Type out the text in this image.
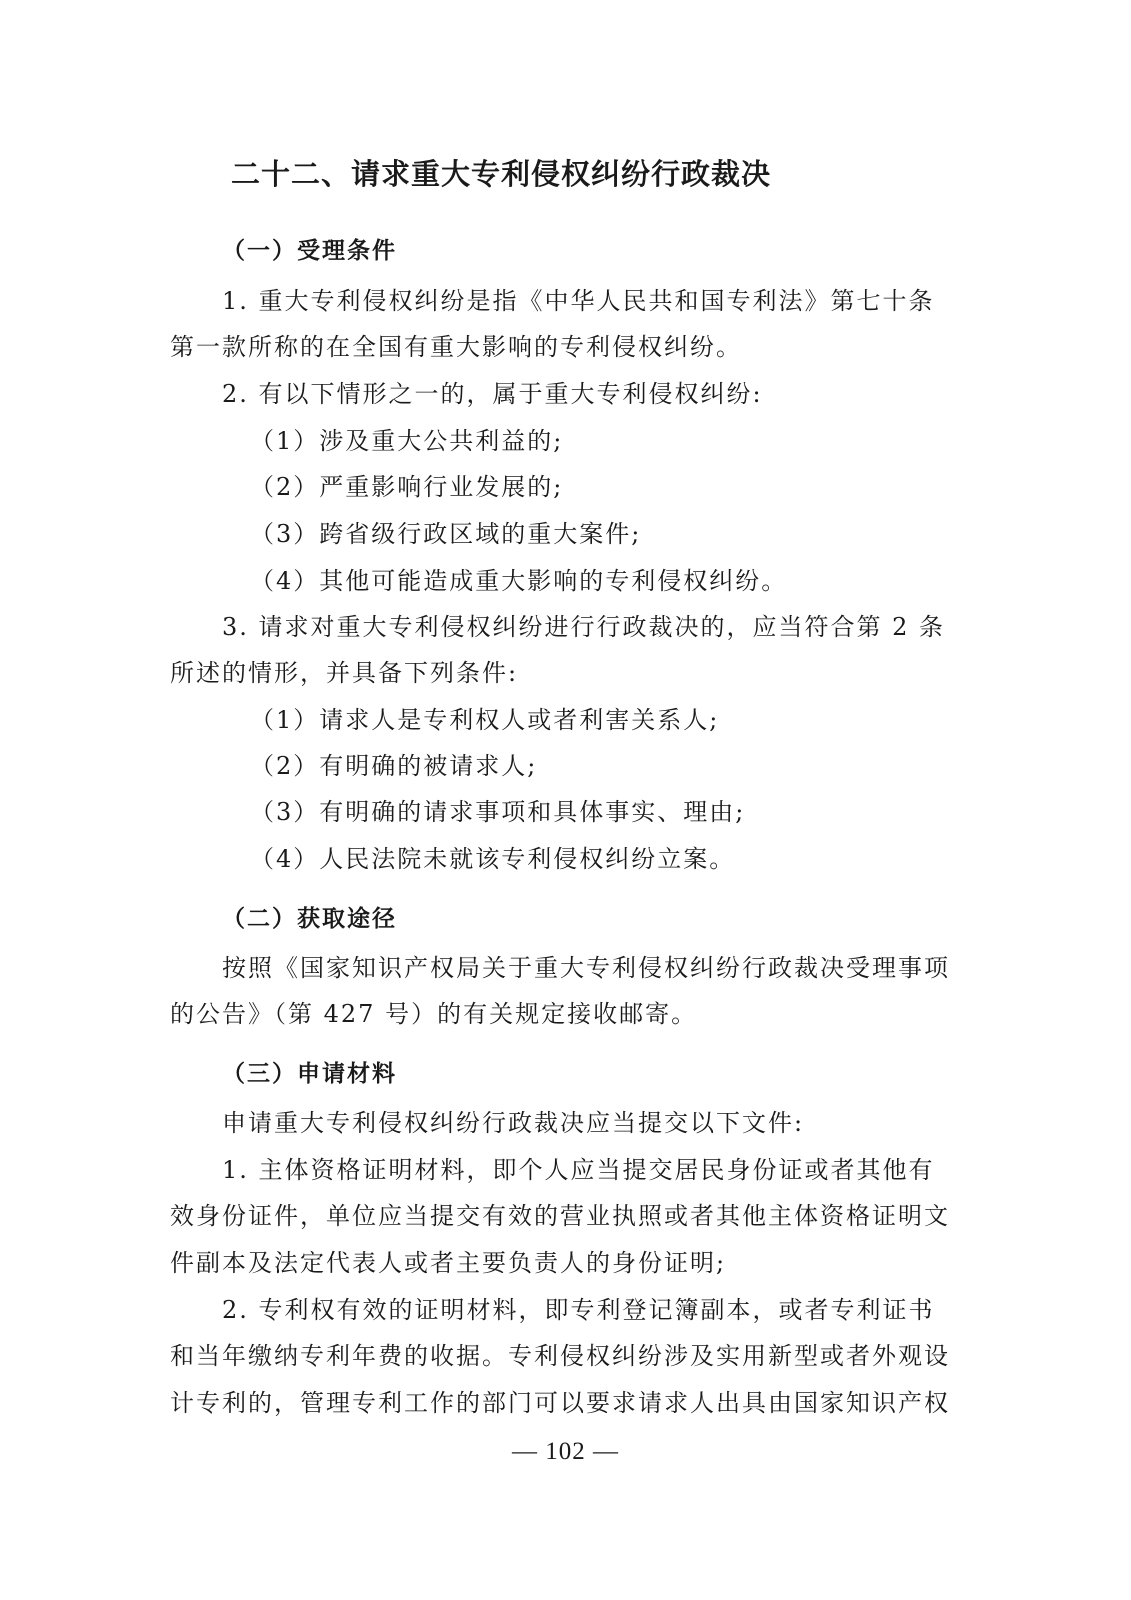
二十二、请求重大专利侵权纠纷行政裁决
（一）受理条件

1. 重大专利侵权纠纷是指《中华人民共和国专利法》第七十条

第一款所称的在全国有重大影响的专利侵权纠纷。

2. 有以下情形之一的，属于重大专利侵权纠纷:

（1）涉及重大公共利益的;

（2）严重影响行业发展的;

（3）跨省级行政区域的重大案件;

（4）其他可能造成重大影响的专利侵权纠纷。

3. 请求对重大专利侵权纠纷进行行政裁决的，应当符合第 2 条

所述的情形，并具备下列条件:

（1）请求人是专利权人或者利害关系人;

（2）有明确的被请求人;

（3）有明确的请求事项和具体事实、理由;

（4）人民法院未就该专利侵权纠纷立案。

（二）获取途径

按照《国家知识产权局关于重大专利侵权纠纷行政裁决受理事项

的公告》（第 427 号）的有关规定接收邮寄。

（三）申请材料

申请重大专利侵权纠纷行政裁决应当提交以下文件:

1. 主体资格证明材料，即个人应当提交居民身份证或者其他有

效身份证件，单位应当提交有效的营业执照或者其他主体资格证明文

件副本及法定代表人或者主要负责人的身份证明;

2. 专利权有效的证明材料，即专利登记簿副本，或者专利证书

和当年缴纳专利年费的收据。专利侵权纠纷涉及实用新型或者外观设

计专利的，管理专利工作的部门可以要求请求人出具由国家知识产权

— 102 —
